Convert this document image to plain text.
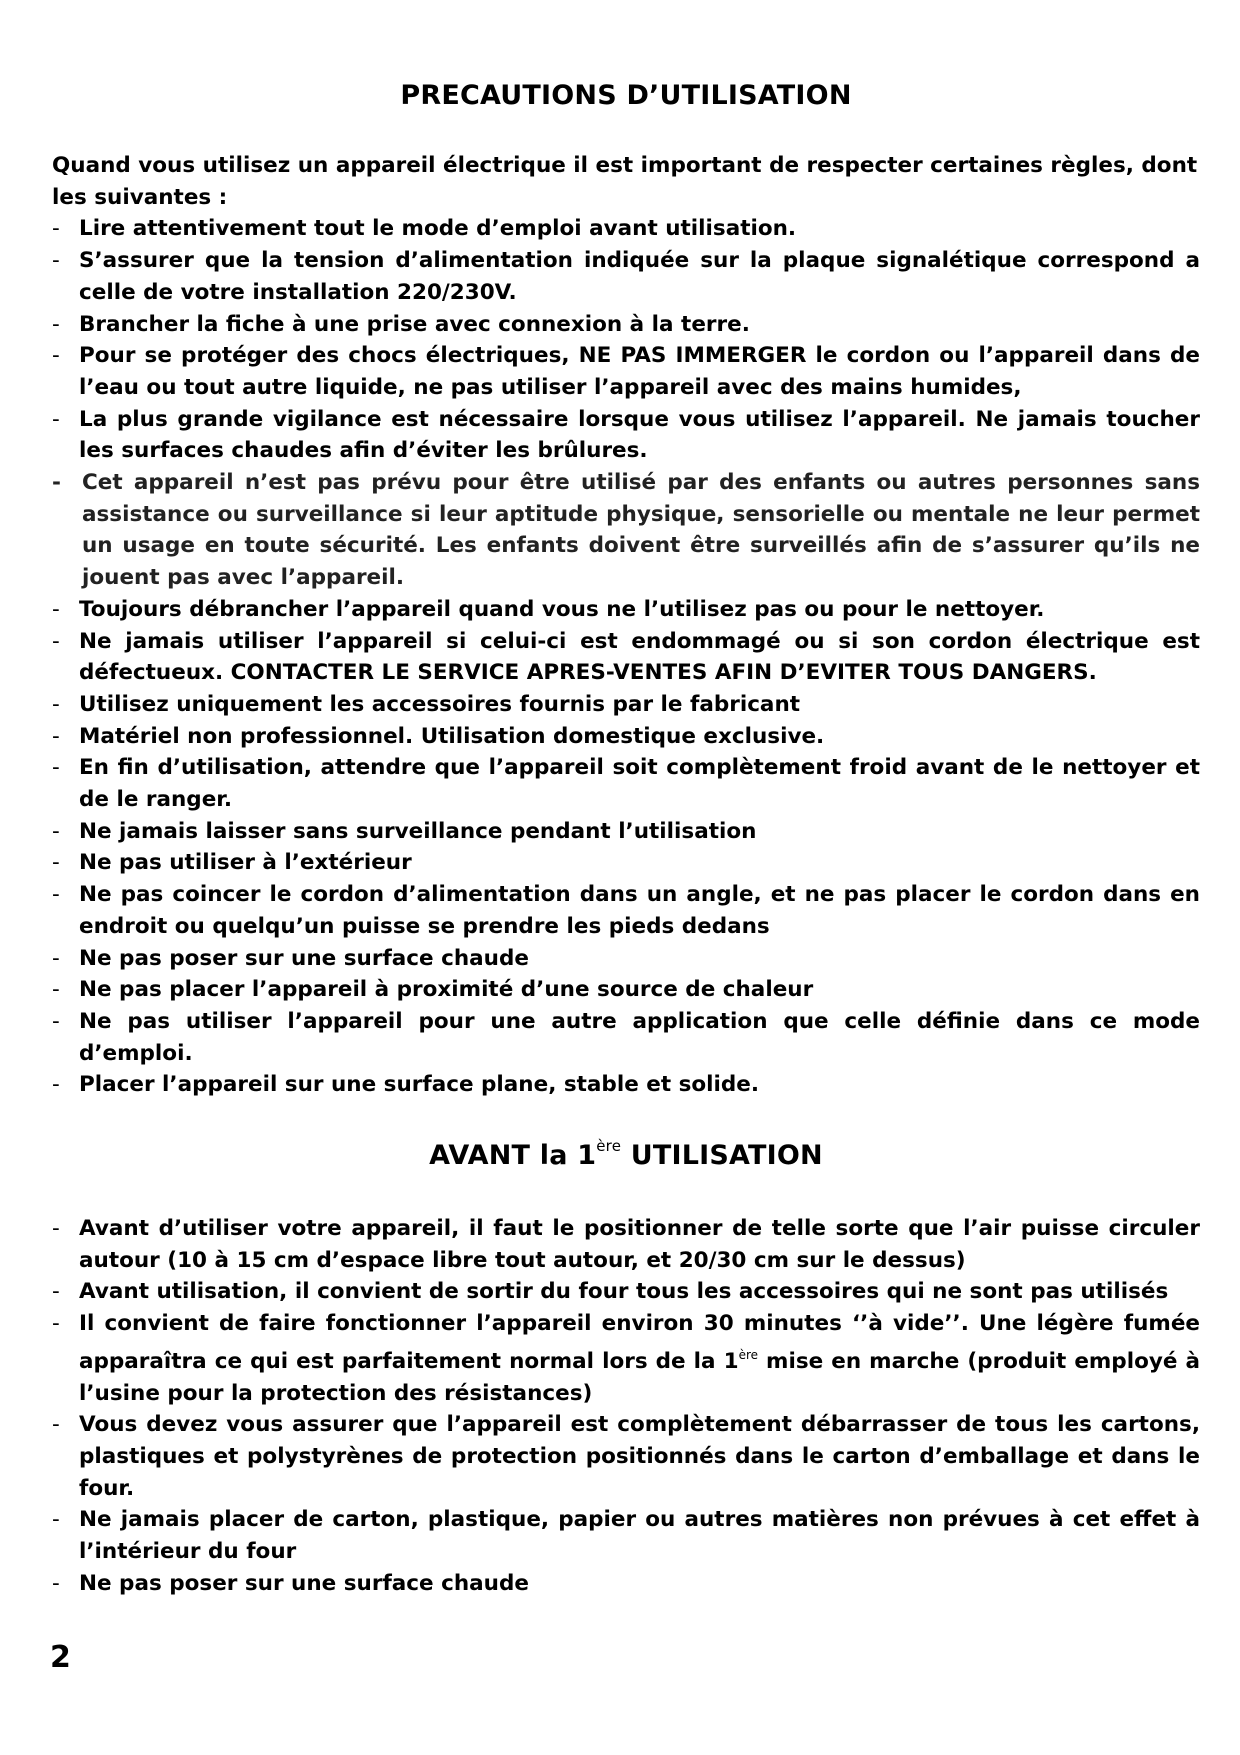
PRECAUTIONS D’UTILISATION
Quand vous utilisez un appareil électrique il est important de respecter certaines règles, dont les suivantes :
- Lire attentivement tout le mode d’emploi avant utilisation.
- S’assurer que la tension d’alimentation indiquée sur la plaque signalétique correspond a celle de votre installation 220/230V.
- Brancher la fiche à une prise avec connexion à la terre.
- Pour se protéger des chocs électriques, NE PAS IMMERGER le cordon ou l’appareil dans de l’eau ou tout autre liquide, ne pas utiliser l’appareil avec des mains humides,
- La plus grande vigilance est nécessaire lorsque vous utilisez l’appareil. Ne jamais toucher les surfaces chaudes afin d’éviter les brûlures.
- Cet appareil n’est pas prévu pour être utilisé par des enfants ou autres personnes sans assistance ou surveillance si leur aptitude physique, sensorielle ou mentale ne leur permet un usage en toute sécurité. Les enfants doivent être surveillés afin de s’assurer qu’ils ne jouent pas avec l’appareil.
- Toujours débrancher l’appareil quand vous ne l’utilisez pas ou pour le nettoyer.
- Ne jamais utiliser l’appareil si celui-ci est endommagé ou si son cordon électrique est défectueux. CONTACTER LE SERVICE APRES-VENTES AFIN D’EVITER TOUS DANGERS.
- Utilisez uniquement les accessoires fournis par le fabricant
- Matériel non professionnel. Utilisation domestique exclusive.
- En fin d’utilisation, attendre que l’appareil soit complètement froid avant de le nettoyer et de le ranger.
- Ne jamais laisser sans surveillance pendant l’utilisation
- Ne pas utiliser à l’extérieur
- Ne pas coincer le cordon d’alimentation dans un angle, et ne pas placer le cordon dans en endroit ou quelqu’un puisse se prendre les pieds dedans
- Ne pas poser sur une surface chaude
- Ne pas placer l’appareil à proximité d’une source de chaleur
- Ne pas utiliser l’appareil pour une autre application que celle définie dans ce mode d’emploi.
- Placer l’appareil sur une surface plane, stable et solide.
AVANT la 1ère UTILISATION
- Avant d’utiliser votre appareil, il faut le positionner de telle sorte que l’air puisse circuler autour (10 à 15 cm d’espace libre tout autour, et 20/30 cm sur le dessus)
- Avant utilisation, il convient de sortir du four tous les accessoires qui ne sont pas utilisés
- Il convient de faire fonctionner l’appareil environ 30 minutes ‘’à vide’’. Une légère fumée apparaîtra ce qui est parfaitement normal lors de la 1ère mise en marche (produit employé à l’usine pour la protection des résistances)
- Vous devez vous assurer que l’appareil est complètement débarrasser de tous les cartons, plastiques et polystyrènes de protection positionnés dans le carton d’emballage et dans le four.
- Ne jamais placer de carton, plastique, papier ou autres matières non prévues à cet effet à l’intérieur du four
- Ne pas poser sur une surface chaude
2
